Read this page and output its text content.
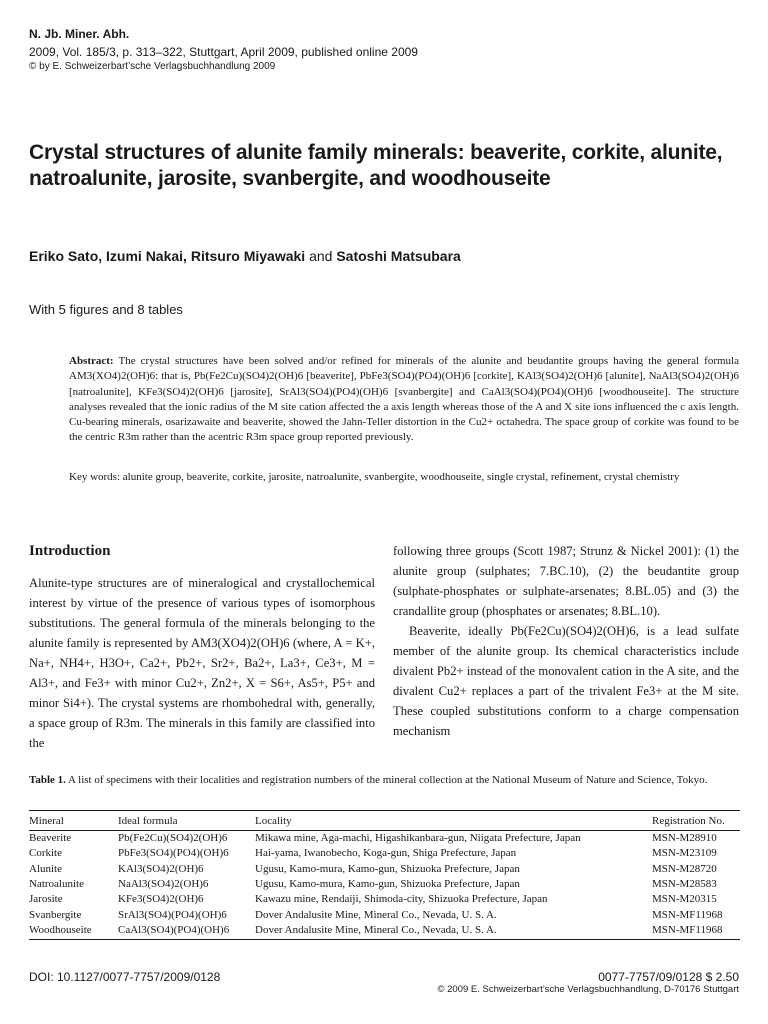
N. Jb. Miner. Abh.
2009, Vol. 185/3, p. 313–322, Stuttgart, April 2009, published online 2009
© by E. Schweizerbart’sche Verlagsbuchhandlung 2009
Crystal structures of alunite family minerals: beaverite, corkite, alunite, natroalunite, jarosite, svanbergite, and woodhouseite
Eriko Sato, Izumi Nakai, Ritsuro Miyawaki and Satoshi Matsubara
With 5 figures and 8 tables
Abstract: The crystal structures have been solved and/or refined for minerals of the alunite and beudantite groups having the general formula AM3(XO4)2(OH)6: that is, Pb(Fe2Cu)(SO4)2(OH)6 [beaverite], PbFe3(SO4)(PO4)(OH)6 [corkite], KAl3(SO4)2(OH)6 [alunite], NaAl3(SO4)2(OH)6 [natroalunite], KFe3(SO4)2(OH)6 [jarosite], SrAl3(SO4)(PO4)(OH)6 [svanbergite] and CaAl3(SO4)(PO4)(OH)6 [woodhouseite]. The structure analyses revealed that the ionic radius of the M site cation affected the a axis length whereas those of the A and X site ions influenced the c axis length. Cu-bearing minerals, osarizawaite and beaverite, showed the Jahn-Teller distortion in the Cu2+ octahedra. The space group of corkite was found to be the centric R3m rather than the acentric R3m space group reported previously.
Key words: alunite group, beaverite, corkite, jarosite, natroalunite, svanbergite, woodhouseite, single crystal, refinement, crystal chemistry
Introduction

Alunite-type structures are of mineralogical and crystallochemical interest by virtue of the presence of various types of isomorphous substitutions. The general formula of the minerals belonging to the alunite family is represented by AM3(XO4)2(OH)6 (where, A = K+, Na+, NH4+, H3O+, Ca2+, Pb2+, Sr2+, Ba2+, La3+, Ce3+, M = Al3+, and Fe3+ with minor Cu2+, Zn2+, X = S6+, As5+, P5+ and minor Si4+). The crystal systems are rhombohedral with, generally, a space group of R3m. The minerals in this family are classified into the

following three groups (Scott 1987; Strunz & Nickel 2001): (1) the alunite group (sulphates; 7.BC.10), (2) the beudantite group (sulphate-phosphates or sulphate-arsenates; 8.BL.05) and (3) the crandallite group (phosphates or arsenates; 8.BL.10).

Beaverite, ideally Pb(Fe2Cu)(SO4)2(OH)6, is a lead sulfate member of the alunite group. Its chemical characteristics include divalent Pb2+ instead of the monovalent cation in the A site, and the divalent Cu2+ replaces a part of the trivalent Fe3+ at the M site. These coupled substitutions conform to a charge compensation mechanism

Table 1. A list of specimens with their localities and registration numbers of the mineral collection at the National Museum of Nature and Science, Tokyo.
Mineral	Ideal formula	Locality	Registration No.
Beaverite	Pb(Fe2Cu)(SO4)2(OH)6	Mikawa mine, Aga-machi, Higashikanbara-gun, Niigata Prefecture, Japan	MSN-M28910
Corkite	PbFe3(SO4)(PO4)(OH)6	Hai-yama, Iwanobecho, Koga-gun, Shiga Prefecture, Japan	MSN-M23109
Alunite	KAl3(SO4)2(OH)6	Ugusu, Kamo-mura, Kamo-gun, Shizuoka Prefecture, Japan	MSN-M28720
Natroalunite	NaAl3(SO4)2(OH)6	Ugusu, Kamo-mura, Kamo-gun, Shizuoka Prefecture, Japan	MSN-M28583
Jarosite	KFe3(SO4)2(OH)6	Kawazu mine, Rendaiji, Shimoda-city, Shizuoka Prefecture, Japan	MSN-M20315
Svanbergite	SrAl3(SO4)(PO4)(OH)6	Dover Andalusite Mine, Mineral Co., Nevada, U. S. A.	MSN-MF11968
Woodhouseite	CaAl3(SO4)(PO4)(OH)6	Dover Andalusite Mine, Mineral Co., Nevada, U. S. A.	MSN-MF11968
DOI: 10.1127/0077-7757/2009/0128	0077-7757/09/0128 $ 2.50
© 2009 E. Schweizerbart’sche Verlagsbuchhandlung, D-70176 Stuttgart
